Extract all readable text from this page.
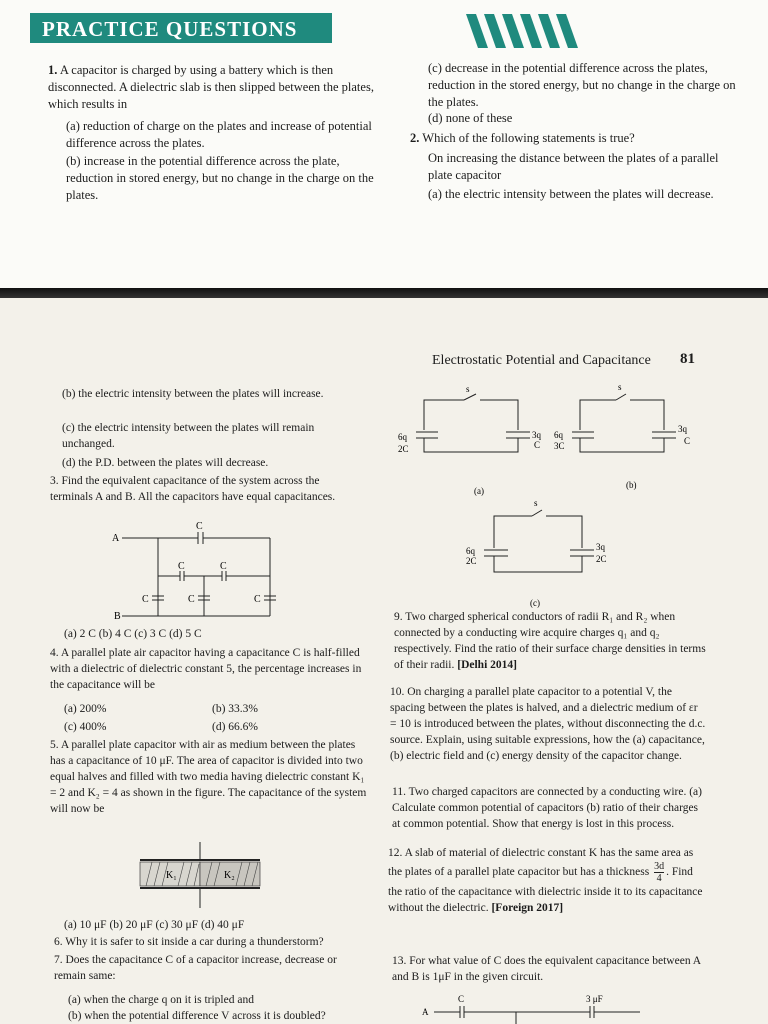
PRACTICE QUESTIONS
1. A capacitor is charged by using a battery which is then disconnected. A dielectric slab is then slipped between the plates, which results in
(a) reduction of charge on the plates and increase of potential difference across the plates.
(b) increase in the potential difference across the plate, reduction in stored energy, but no change in the charge on the plates.
(c) decrease in the potential difference across the plates, reduction in the stored energy, but no change in the charge on the plates.
(d) none of these
2. Which of the following statements is true?
On increasing the distance between the plates of a parallel plate capacitor
(a) the electric intensity between the plates will decrease.
Electrostatic Potential and Capacitance 81
(b) the electric intensity between the plates will increase.
(c) the electric intensity between the plates will remain unchanged.
(d) the P.D. between the plates will decrease.
3. Find the equivalent capacitance of the system across the terminals A and B. All the capacitors have equal capacitances.
A
B
C
C	C
C	C	C
(a) 2 C (b) 4 C (c) 3 C (d) 5 C
4. A parallel plate air capacitor having a capacitance C is half-filled with a dielectric of dielectric constant 5, the percentage increases in the capacitance will be
(a) 200%	(b) 33.3%
(c) 400%	(d) 66.6%
5. A parallel plate capacitor with air as medium between the plates has a capacitance of 10 μF. The area of capacitor is divided into two equal halves and filled with two media having dielectric constant K₁ = 2 and K₂ = 4 as shown in the figure. The capacitance of the system will now be
K₁	K₂
(a) 10 μF (b) 20 μF (c) 30 μF (d) 40 μF
6. Why it is safer to sit inside a car during a thunderstorm?
7. Does the capacitance C of a capacitor increase, decrease or remain same:
(a) when the charge q on it is tripled and
(b) when the potential difference V across it is doubled?
s
6q
2C
3q
C
(a)
s
6q
3C
3q
C
(b)
s
6q
2C
3q
2C
(c)
9. Two charged spherical conductors of radii R₁ and R₂ when connected by a conducting wire acquire charges q₁ and q₂ respectively. Find the ratio of their surface charge densities in terms of their radii. [Delhi 2014]
10. On charging a parallel plate capacitor to a potential V, the spacing between the plates is halved, and a dielectric medium of εr = 10 is introduced between the plates, without disconnecting the d.c. source. Explain, using suitable expressions, how the (a) capacitance, (b) electric field and (c) energy density of the capacitor change.
11. Two charged capacitors are connected by a conducting wire. (a) Calculate common potential of capacitors (b) ratio of their charges at common potential. Show that energy is lost in this process.
12. A slab of material of dielectric constant K has the same area as the plates of a parallel plate capacitor but has a thickness $\frac{3d}{4}$ . Find the ratio of the capacitance with dielectric inside it to its capacitance without the dielectric. [Foreign 2017]
13. For what value of C does the equivalent capacitance between A and B is 1μF in the given circuit.
A
C	3 μF
